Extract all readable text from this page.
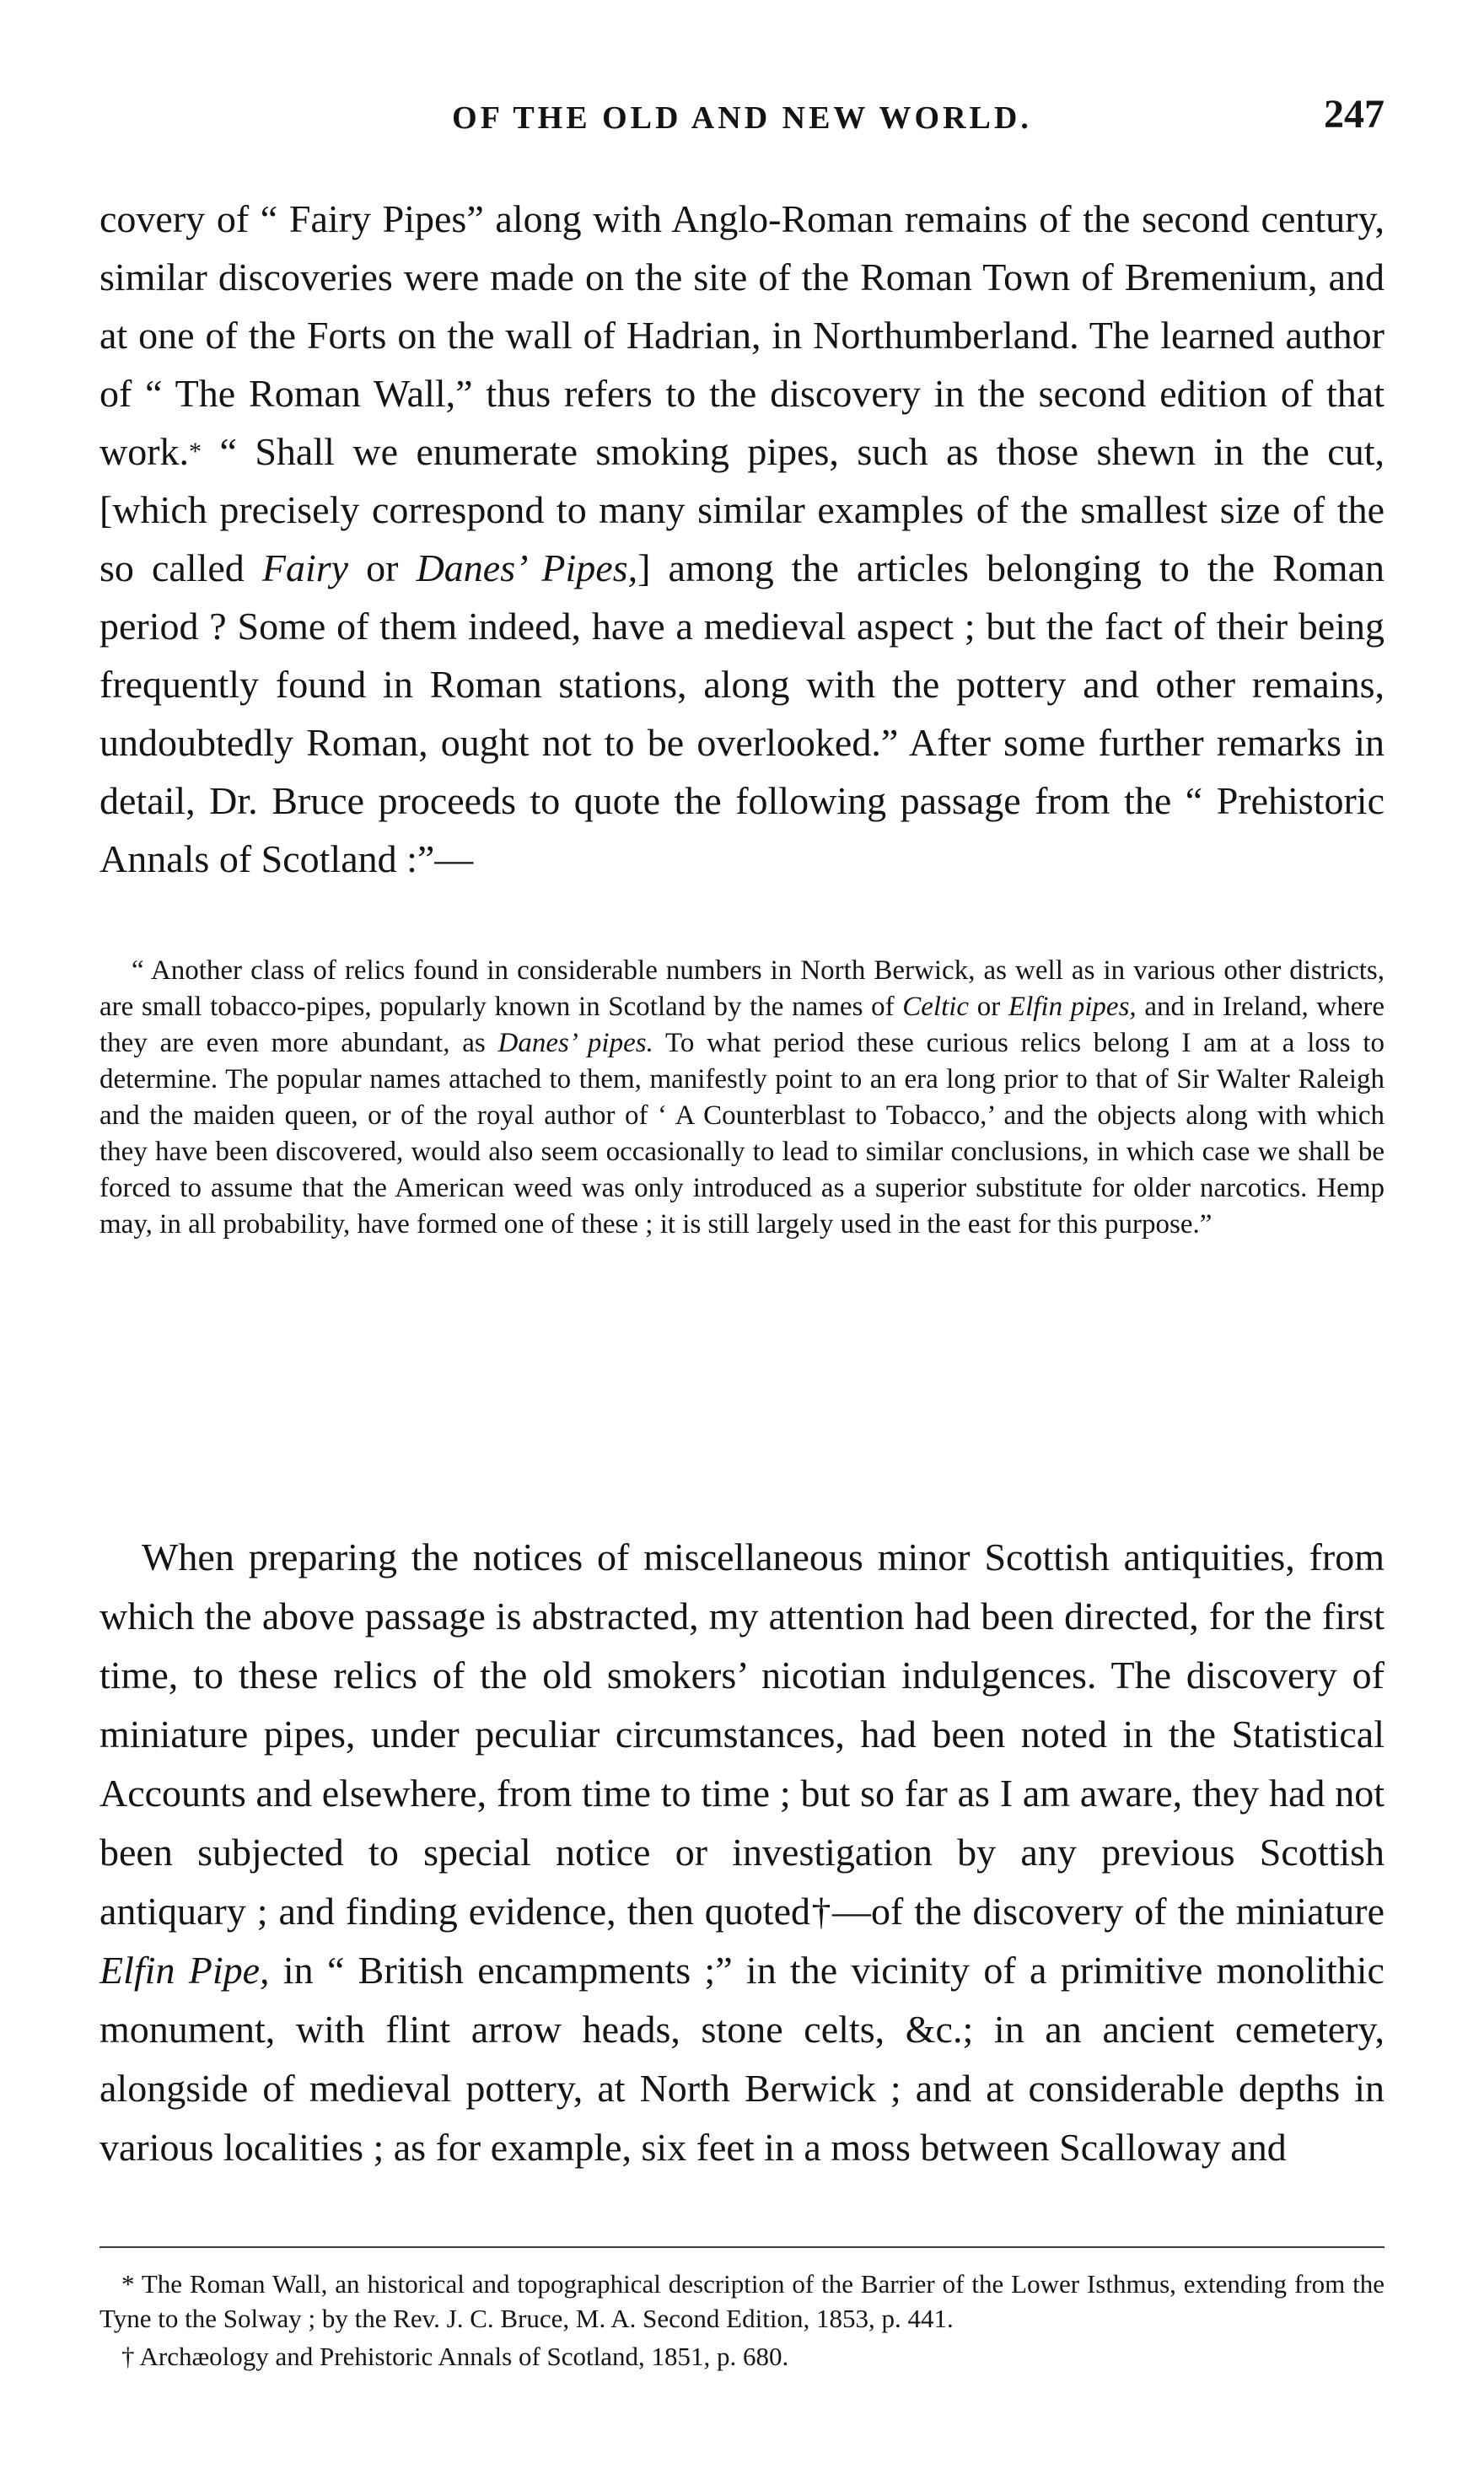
OF THE OLD AND NEW WORLD.	247

covery of “ Fairy Pipes” along with Anglo-Roman remains of the second century, similar discoveries were made on the site of the Roman Town of Bremenium, and at one of the Forts on the wall of Hadrian, in Northumberland. The learned author of “ The Roman Wall,” thus refers to the discovery in the second edition of that work.* “ Shall we enumerate smoking pipes, such as those shewn in the cut, [which precisely correspond to many similar examples of the smallest size of the so called Fairy or Danes’ Pipes,] among the articles belonging to the Roman period ? Some of them indeed, have a medieval aspect ; but the fact of their being frequently found in Roman stations, along with the pottery and other remains, undoubtedly Roman, ought not to be overlooked.” After some further remarks in detail, Dr. Bruce proceeds to quote the following passage from the “ Prehistoric Annals of Scotland :”—

“ Another class of relics found in considerable numbers in North Berwick, as well as in various other districts, are small tobacco-pipes, popularly known in Scotland by the names of Celtic or Elfin pipes, and in Ireland, where they are even more abundant, as Danes’ pipes. To what period these curious relics belong I am at a loss to determine. The popular names attached to them, manifestly point to an era long prior to that of Sir Walter Raleigh and the maiden queen, or of the royal author of ‘ A Counterblast to Tobacco,’ and the objects along with which they have been discovered, would also seem occasionally to lead to similar conclusions, in which case we shall be forced to assume that the American weed was only introduced as a superior substitute for older narcotics. Hemp may, in all probability, have formed one of these ; it is still largely used in the east for this purpose.”

When preparing the notices of miscellaneous minor Scottish antiquities, from which the above passage is abstracted, my attention had been directed, for the first time, to these relics of the old smokers’ nicotian indulgences. The discovery of miniature pipes, under peculiar circumstances, had been noted in the Statistical Accounts and elsewhere, from time to time ; but so far as I am aware, they had not been subjected to special notice or investigation by any previous Scottish antiquary ; and finding evidence, then quoted†—of the discovery of the miniature Elfin Pipe, in “ British encampments ;” in the vicinity of a primitive monolithic monument, with flint arrow heads, stone celts, &c.; in an ancient cemetery, alongside of medieval pottery, at North Berwick ; and at considerable depths in various localities ; as for example, six feet in a moss between Scalloway and

* The Roman Wall, an historical and topographical description of the Barrier of the Lower Isthmus, extending from the Tyne to the Solway ; by the Rev. J. C. Bruce, M. A. Second Edition, 1853, p. 441.

† Archæology and Prehistoric Annals of Scotland, 1851, p. 680.
